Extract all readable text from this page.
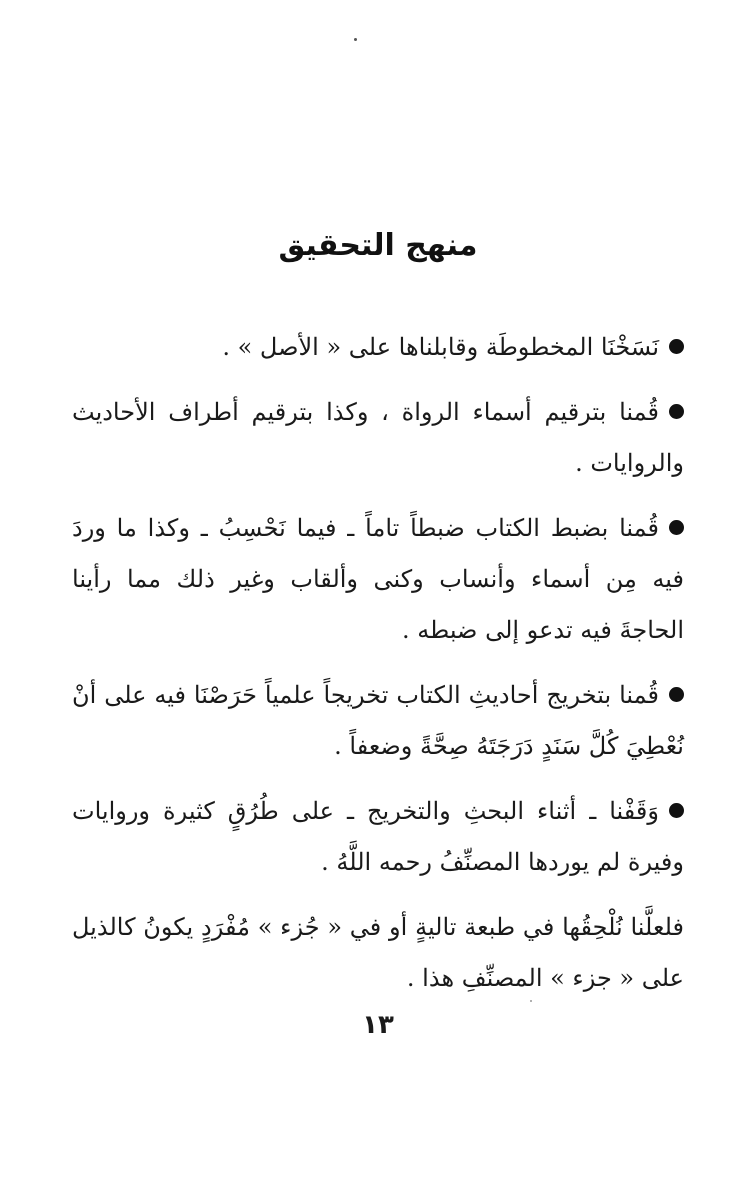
منهج التحقيق

نَسَخْنَا المخطوطَة وقابلناها على « الأصل » .

قُمنا بترقيم أسماء الرواة ، وكذا بترقيم أطراف الأحاديث والروايات .

قُمنا بضبط الكتاب ضبطاً تاماً ـ فيما نَحْسِبُ ـ وكذا ما وردَ فيه مِن أسماء وأنساب وكنى وألقاب وغير ذلك مما رأينا الحاجةَ فيه تدعو إلى ضبطه .

قُمنا بتخريج أحاديثِ الكتاب تخريجاً علمياً حَرَصْنَا فيه على أنْ نُعْطِيَ كُلَّ سَنَدٍ دَرَجَتَهُ صِحَّةً وضعفاً .

وَقَفْنا ـ أثناء البحثِ والتخريج ـ على طُرُقٍ كثيرة وروايات وفيرة لم يوردها المصنِّفُ رحمه اللَّهُ .

فلعلَّنا نُلْحِقُها في طبعة تاليةٍ أو في « جُزء » مُفْرَدٍ يكونُ كالذيل على « جزء » المصنِّفِ هذا .

١٣
